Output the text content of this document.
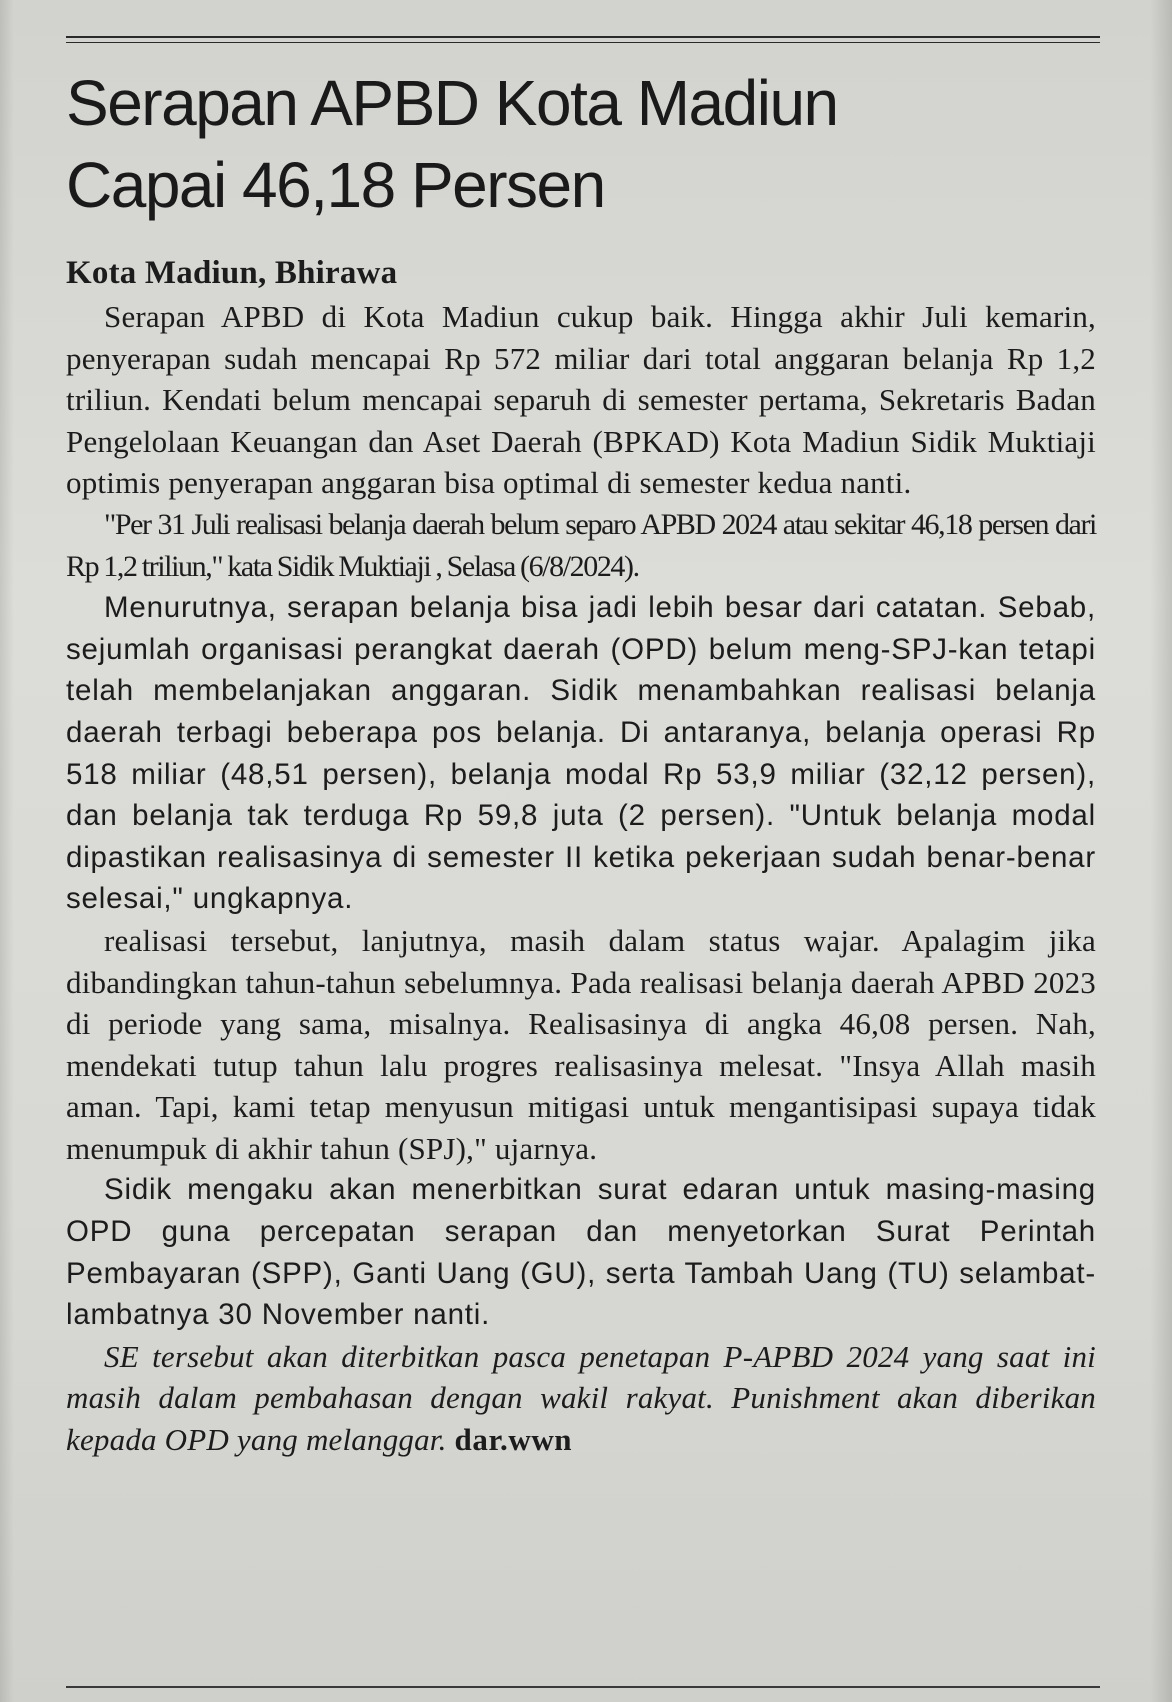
Serapan APBD Kota Madiun
Capai 46,18 Persen
Kota Madiun, Bhirawa

Serapan APBD di Kota Madiun cukup baik. Hingga akhir Juli kemarin, penyerapan sudah mencapai Rp 572 miliar dari total anggaran belanja Rp 1,2 triliun. Kendati belum mencapai separuh di semester pertama, Sekretaris Badan Pengelolaan Keuangan dan Aset Daerah (BPKAD) Kota Madiun Sidik Muktiaji optimis penyerapan anggaran bisa optimal di semester kedua nanti.

"Per 31 Juli realisasi belanja daerah belum separo APBD 2024 atau sekitar 46,18 persen dari Rp 1,2 triliun," kata Sidik Muktiaji , Selasa (6/8/2024).

Menurutnya, serapan belanja bisa jadi lebih besar dari catatan. Sebab, sejumlah organisasi perangkat daerah (OPD) belum meng-SPJ-kan tetapi telah membelanjakan anggaran. Sidik menambahkan realisasi belanja daerah terbagi beberapa pos belanja. Di antaranya, belanja operasi Rp 518 miliar (48,51 persen), belanja modal Rp 53,9 miliar (32,12 persen), dan belanja tak terduga Rp 59,8 juta (2 persen). "Untuk belanja modal dipastikan realisasinya di semester II ketika pekerjaan sudah benar-benar selesai," ungkapnya.

realisasi tersebut, lanjutnya, masih dalam status wajar. Apalagim jika dibandingkan tahun-tahun sebelumnya. Pada realisasi belanja daerah APBD 2023 di periode yang sama, misalnya. Realisasinya di angka 46,08 persen. Nah, mendekati tutup tahun lalu progres realisasinya melesat. "Insya Allah masih aman. Tapi, kami tetap menyusun mitigasi untuk mengantisipasi supaya tidak menumpuk di akhir tahun (SPJ)," ujarnya.

Sidik mengaku akan menerbitkan surat edaran untuk masing-masing OPD guna percepatan serapan dan menyetorkan Surat Perintah Pembayaran (SPP), Ganti Uang (GU), serta Tambah Uang (TU) selambat-lambatnya 30 November nanti.

SE tersebut akan diterbitkan pasca penetapan P-APBD 2024 yang saat ini masih dalam pembahasan dengan wakil rakyat. Punishment akan diberikan kepada OPD yang melanggar. dar.wwn
